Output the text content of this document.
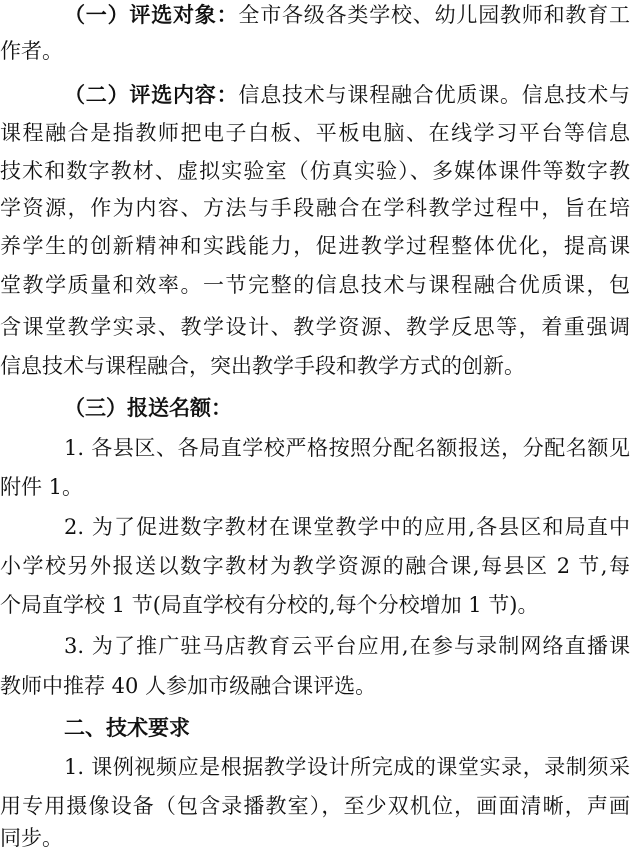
（一）评选对象：全市各级各类学校、幼儿园教师和教育工
作者。
（二）评选内容：信息技术与课程融合优质课。信息技术与
课程融合是指教师把电子白板、平板电脑、在线学习平台等信息
技术和数字教材、虚拟实验室（仿真实验）、多媒体课件等数字教
学资源，作为内容、方法与手段融合在学科教学过程中，旨在培
养学生的创新精神和实践能力，促进教学过程整体优化，提高课
堂教学质量和效率。一节完整的信息技术与课程融合优质课，包
含课堂教学实录、教学设计、教学资源、教学反思等，着重强调
信息技术与课程融合，突出教学手段和教学方式的创新。
（三）报送名额：
1. 各县区、各局直学校严格按照分配名额报送，分配名额见
附件 1。
2. 为了促进数字教材在课堂教学中的应用,各县区和局直中
小学校另外报送以数字教材为教学资源的融合课,每县区 2 节,每
个局直学校 1 节(局直学校有分校的,每个分校增加 1 节)。
3. 为了推广驻马店教育云平台应用,在参与录制网络直播课
教师中推荐 40 人参加市级融合课评选。
二、技术要求
1. 课例视频应是根据教学设计所完成的课堂实录，录制须采
用专用摄像设备（包含录播教室），至少双机位，画面清晰，声画
同步。
